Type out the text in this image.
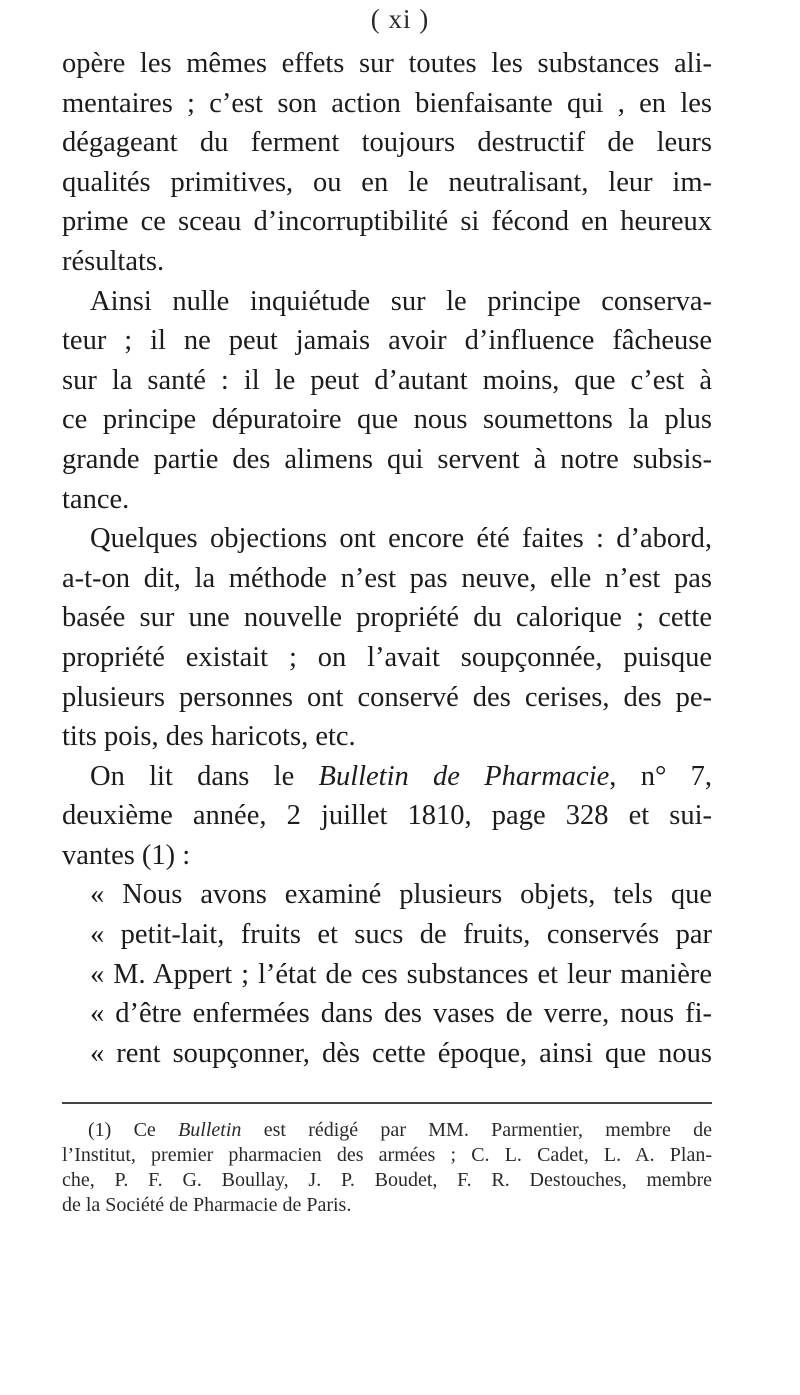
( xi )
opère les mêmes effets sur toutes les substances ali-
mentaires ; c’est son action bienfaisante qui , en les
dégageant du ferment toujours destructif de leurs
qualités primitives, ou en le neutralisant, leur im-
prime ce sceau d’incorruptibilité si fécond en heureux
résultats.
Ainsi nulle inquiétude sur le principe conserva-
teur ; il ne peut jamais avoir d’influence fâcheuse
sur la santé : il le peut d’autant moins, que c’est à
ce principe dépuratoire que nous soumettons la plus
grande partie des alimens qui servent à notre subsis-
tance.
Quelques objections ont encore été faites : d’abord,
a-t-on dit, la méthode n’est pas neuve, elle n’est pas
basée sur une nouvelle propriété du calorique ; cette
propriété existait ; on l’avait soupçonnée, puisque
plusieurs personnes ont conservé des cerises, des pe-
tits pois, des haricots, etc.
On lit dans le Bulletin de Pharmacie, n° 7,
deuxième année, 2 juillet 1810, page 328 et sui-
vantes (1) :
« Nous avons examiné plusieurs objets, tels que
« petit-lait, fruits et sucs de fruits, conservés par
« M. Appert ; l’état de ces substances et leur manière
« d’être enfermées dans des vases de verre, nous fi-
« rent soupçonner, dès cette époque, ainsi que nous
(1) Ce Bulletin est rédigé par MM. Parmentier, membre de
l’Institut, premier pharmacien des armées ; C. L. Cadet, L. A. Plan-
che, P. F. G. Boullay, J. P. Boudet, F. R. Destouches, membre
de la Société de Pharmacie de Paris.
